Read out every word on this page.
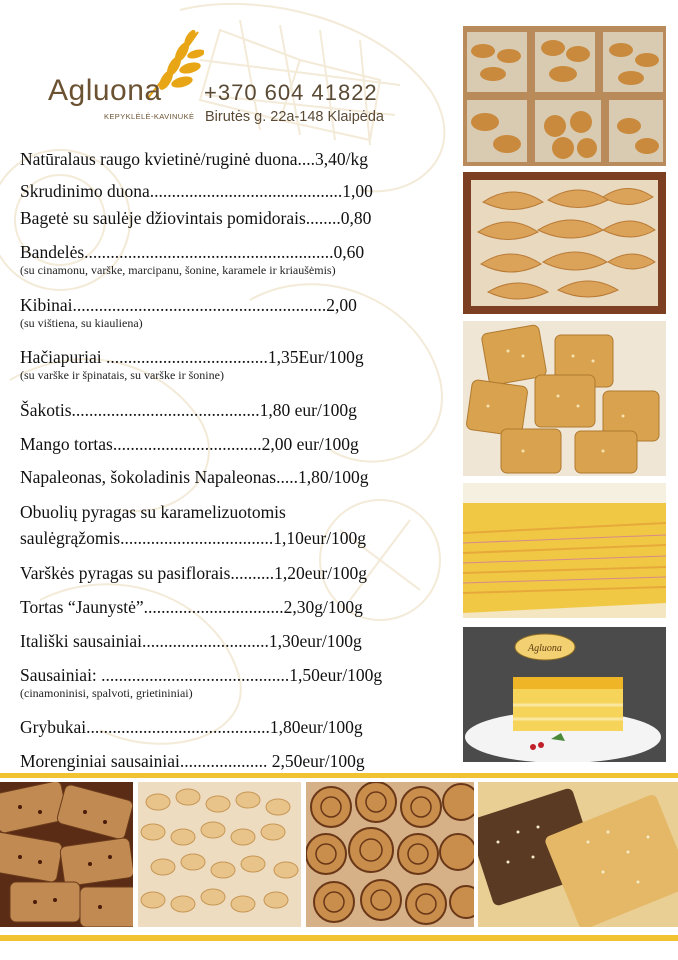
Agluona
KEPYKLĖLĖ-KAVINUKĖ
+370 604 41822
Birutės g. 22a-148 Klaipėda
Natūralaus raugo kvietinė/ruginė duona....3,40/kg
Skrudinimo duona............................................1,00
Bagetė su saulėje džiovintais pomidorais........0,80
Bandelės.........................................................0,60
(su cinamonu, varške, marcipanu, šonine, karamele ir kriaušėmis)
Kibinai..........................................................2,00
(su vištiena, su kiauliena)
Hačiapuriai .....................................1,35Eur/100g
(su varške ir špinatais, su varške ir šonine)
Šakotis...........................................1,80 eur/100g
Mango tortas..................................2,00 eur/100g
Napaleonas, šokoladinis Napaleonas.....1,80/100g
Obuolių pyragas su karamelizuotomis
saulėgrąžomis...................................1,10eur/100g
Varškės pyragas su pasiflorais..........1,20eur/100g
Tortas “Jaunystė”................................2,30g/100g
Itališki sausainiai.............................1,30eur/100g
Sausainiai: ...........................................1,50eur/100g
(cinamoninisi, spalvoti, grietininiai)
Grybukai..........................................1,80eur/100g
Morenginiai sausainiai.................... 2,50eur/100g
Agluona
